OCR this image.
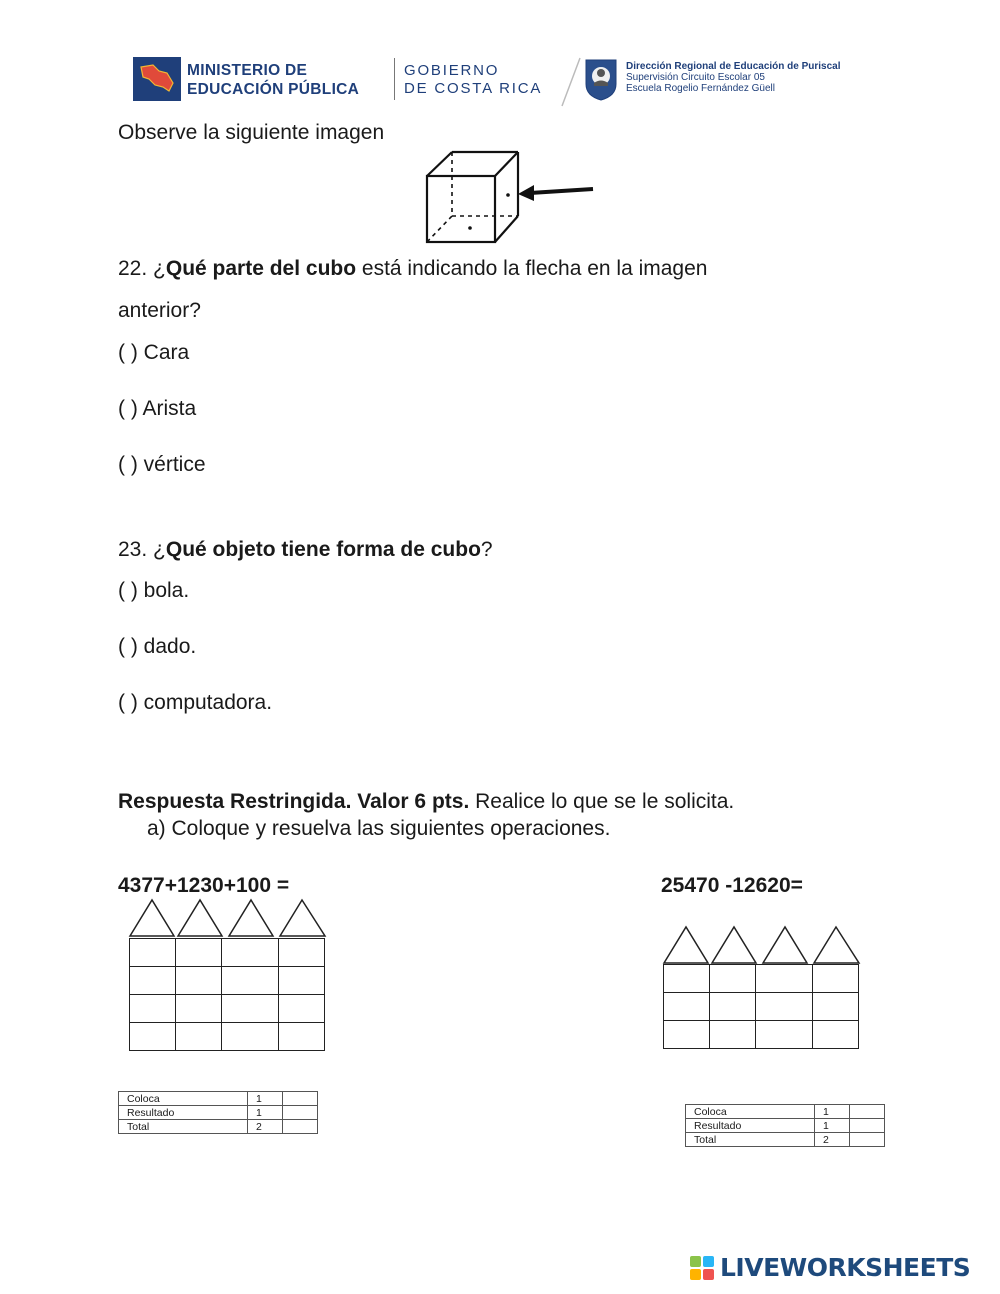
MINISTERIO DE
EDUCACIÓN PÚBLICA
GOBIERNO
DE COSTA RICA
Dirección Regional de Educación de Puriscal
Supervisión Circuito Escolar 05
Escuela Rogelio Fernández Güell
Observe la siguiente imagen
22. ¿Qué parte del cubo está indicando la flecha en la imagen
anterior?
( ) Cara
( ) Arista
( ) vértice
23. ¿Qué objeto tiene forma de cubo?
( ) bola.
( ) dado.
( ) computadora.
Respuesta Restringida. Valor 6 pts. Realice lo que se le solicita.
a) Coloque y resuelva las siguientes operaciones.
4377+1230+100 =

Coloca	1	
Resultado	1	
Total	2	
25470 -12620=

Coloca	1	
Resultado	1	
Total	2	
LIVEWORKSHEETS
